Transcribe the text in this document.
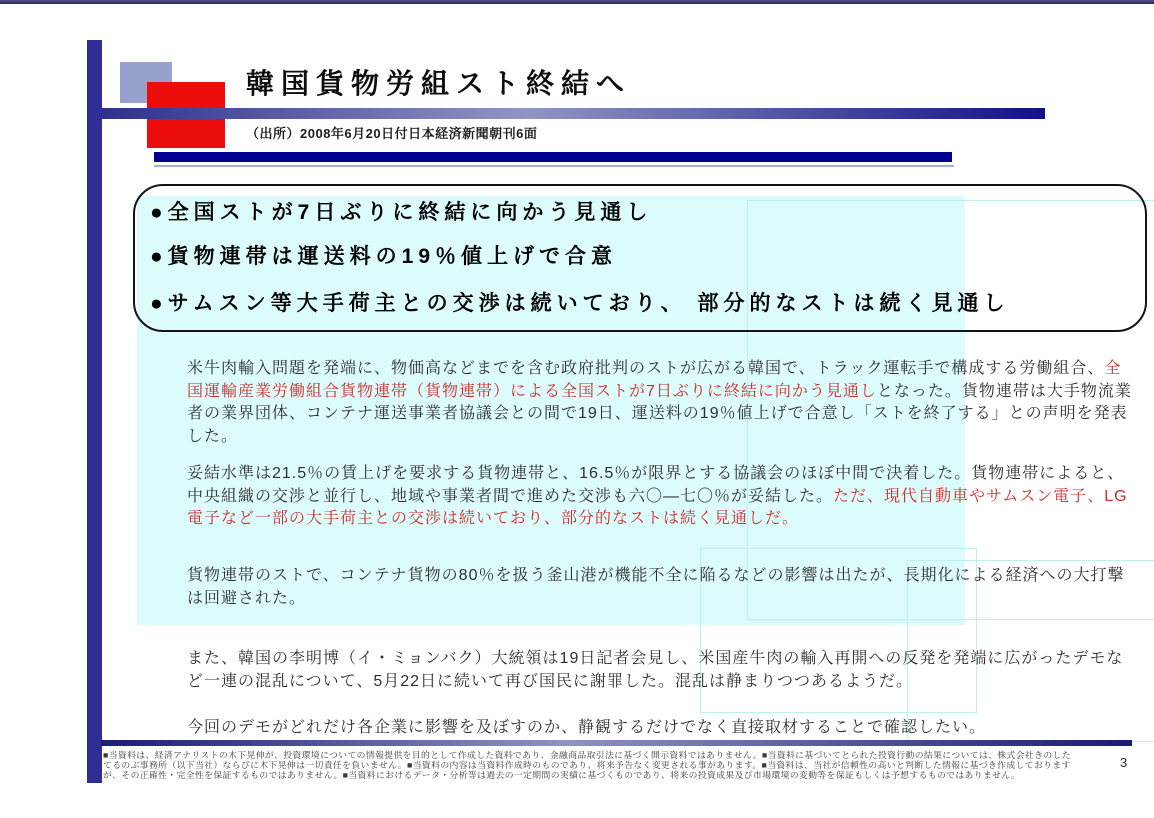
韓国貨物労組スト終結へ
（出所）2008年6月20日付日本経済新聞朝刊6面
●全国ストが7日ぶりに終結に向かう見通し
●貨物連帯は運送料の19％値上げで合意
●サムスン等大手荷主との交渉は続いており、 部分的なストは続く見通し
米牛肉輸入問題を発端に、物価高などまでを含む政府批判のストが広がる韓国で、トラック運転手で構成する労働組合、全国運輸産業労働組合貨物連帯（貨物連帯）による全国ストが7日ぶりに終結に向かう見通しとなった。貨物連帯は大手物流業者の業界団体、コンテナ運送事業者協議会との間で19日、運送料の19％値上げで合意し「ストを終了する」との声明を発表した。
妥結水準は21.5％の賃上げを要求する貨物連帯と、16.5％が限界とする協議会のほぼ中間で決着した。貨物連帯によると、中央組織の交渉と並行し、地域や事業者間で進めた交渉も六〇―七〇％が妥結した。ただ、現代自動車やサムスン電子、LG電子など一部の大手荷主との交渉は続いており、部分的なストは続く見通しだ。
貨物連帯のストで、コンテナ貨物の80％を扱う釜山港が機能不全に陥るなどの影響は出たが、長期化による経済への大打撃は回避された。
また、韓国の李明博（イ・ミョンバク）大統領は19日記者会見し、米国産牛肉の輸入再開への反発を発端に広がったデモなど一連の混乱について、5月22日に続いて再び国民に謝罪した。混乱は静まりつつあるようだ。
今回のデモがどれだけ各企業に影響を及ぼすのか、静観するだけでなく直接取材することで確認したい。
■当資料は、経済アナリストの木下晃伸が、投資環境についての情報提供を目的として作成した資料であり、金融商品取引法に基づく開示資料ではありません。■当資料に基づいてとられた投資行動の結果については、株式会社きのした
てるのぶ事務所（以下当社）ならびに木下晃伸は一切責任を負いません。■当資料の内容は当資料作成時のものであり、将来予告なく変更される事があります。■当資料は、当社が信頼性の高いと判断した情報に基づき作成しております
が、その正確性・完全性を保証するものではありません。■当資料におけるデータ・分析等は過去の一定期間の実績に基づくものであり、将来の投資成果及び市場環境の変動等を保証もしくは予想するものではありません。
3
